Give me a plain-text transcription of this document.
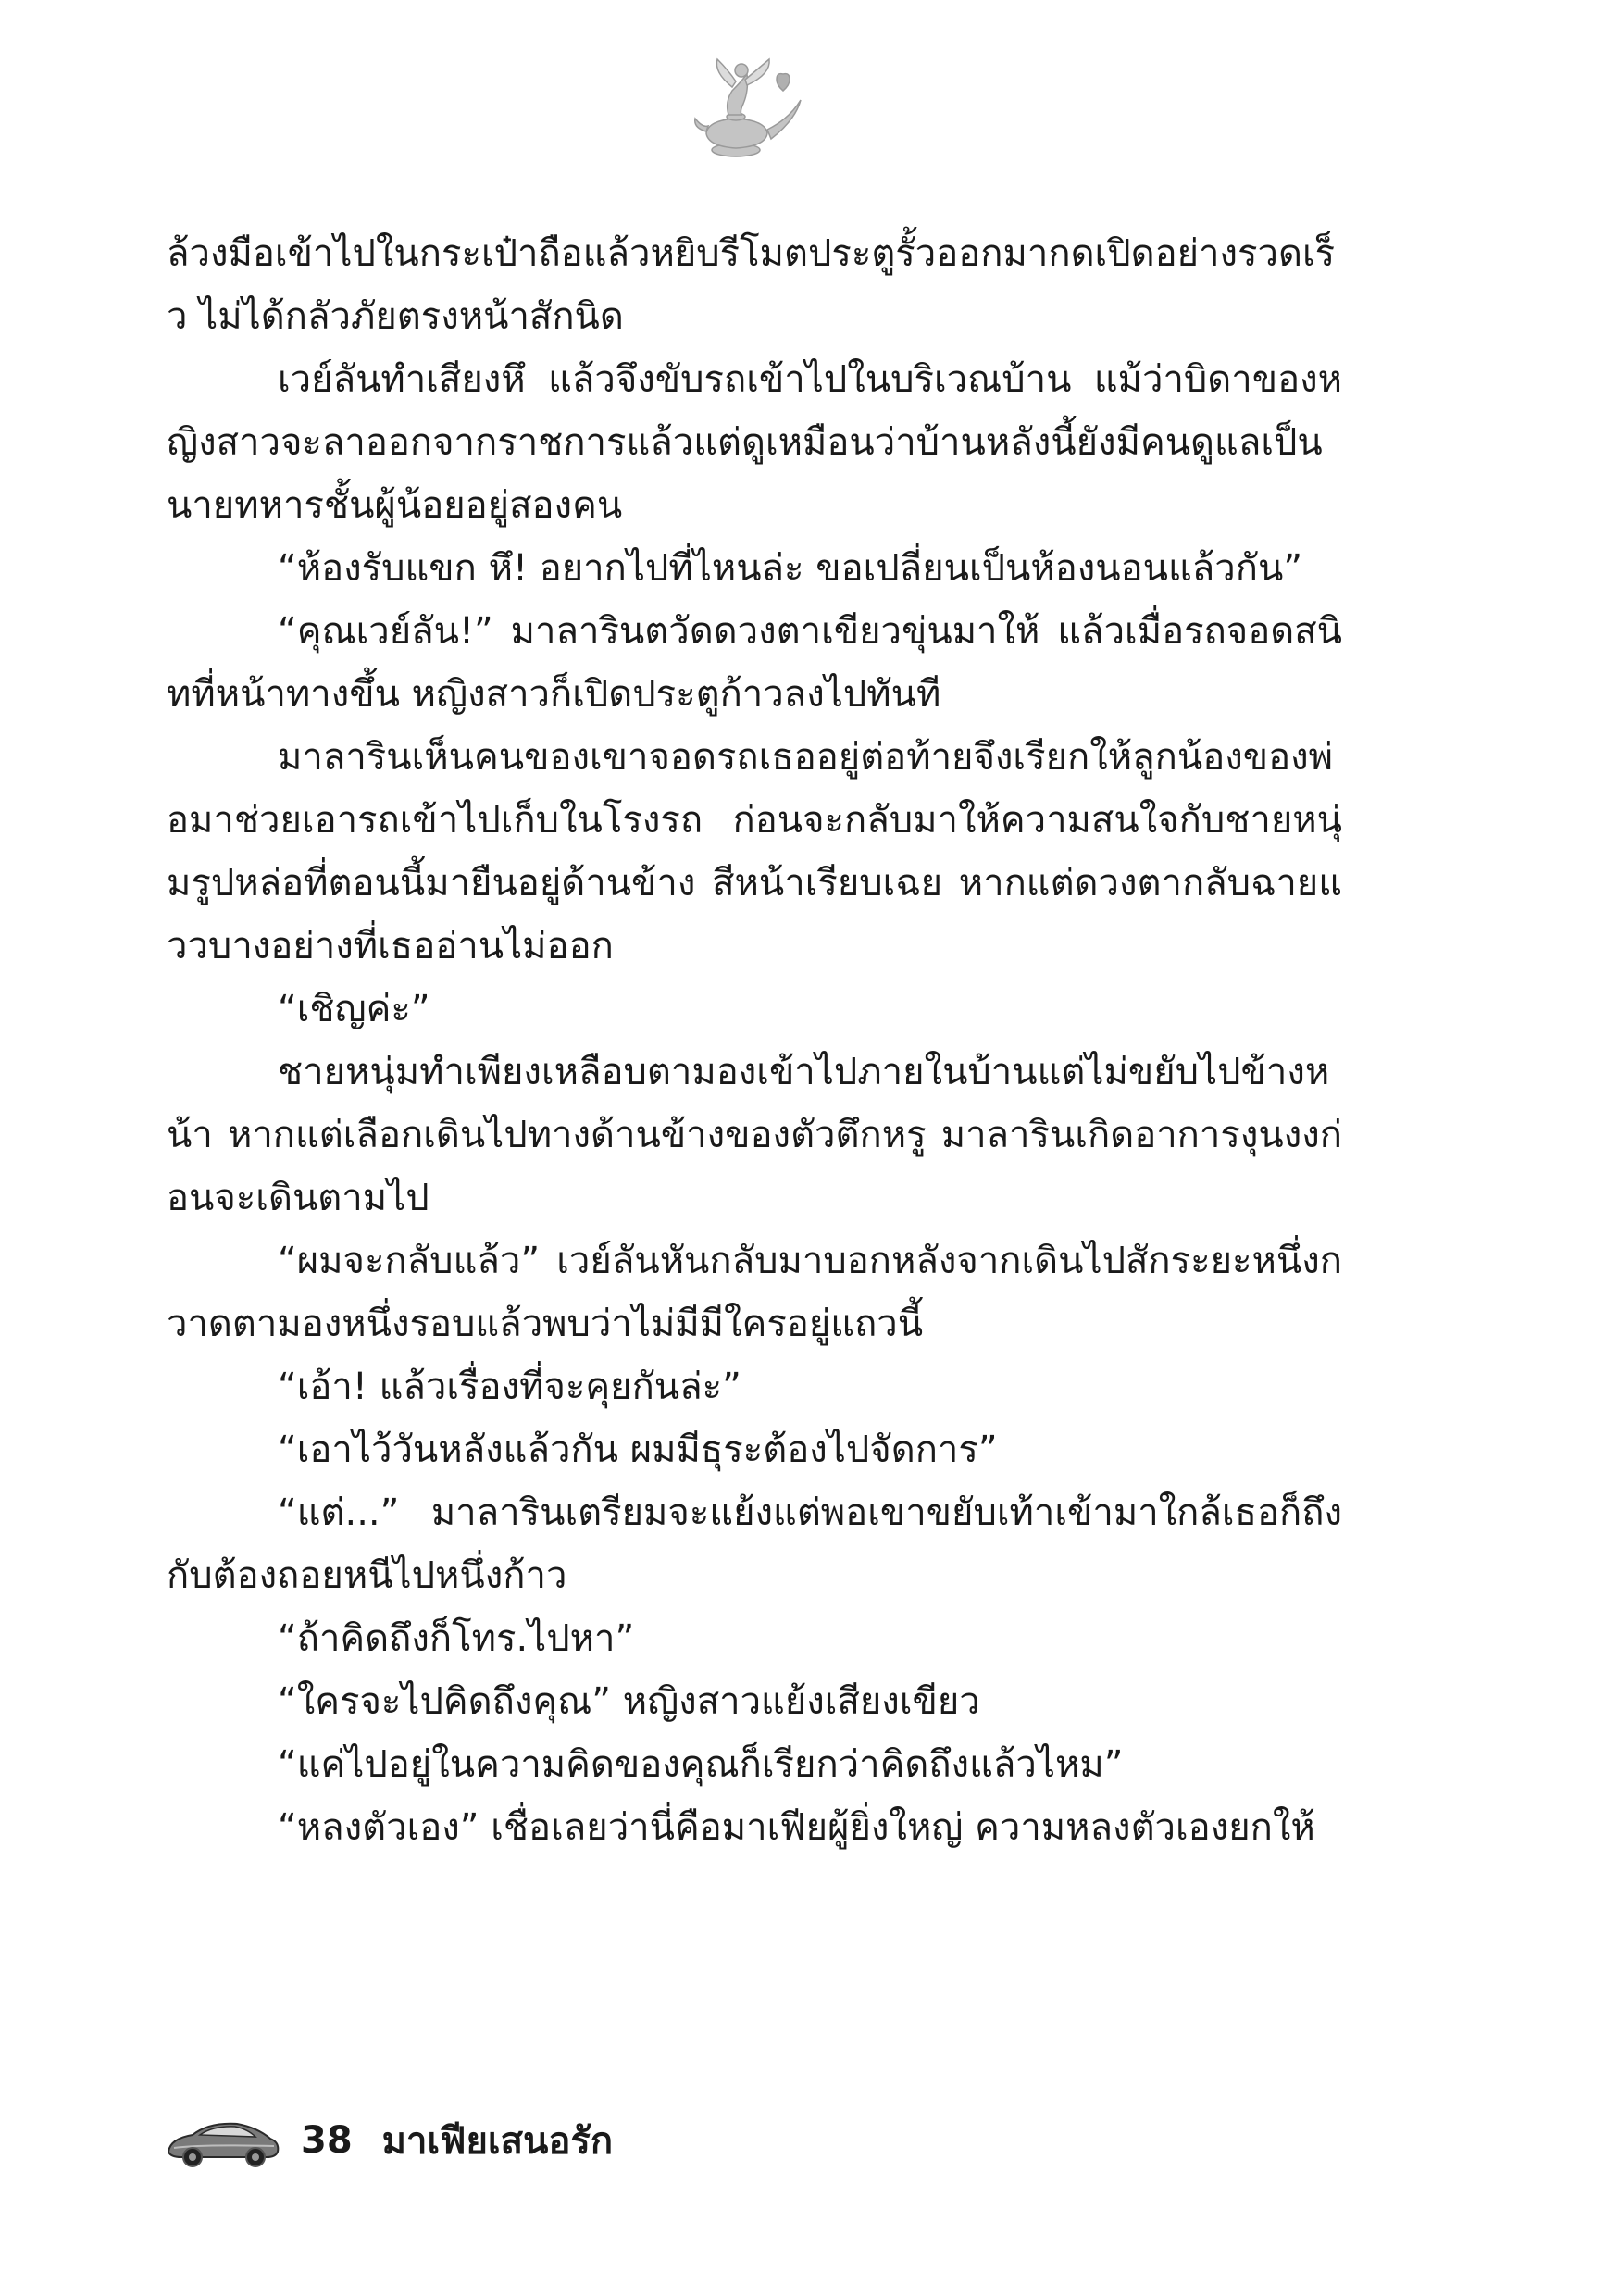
ล้วงมือเข้าไปในกระเป๋าถือแล้วหยิบรีโมตประตูรั้วออกมากดเปิดอย่างรวดเร็ว ไม่ได้กลัวภัยตรงหน้าสักนิด

เวย์ลันทำเสียงหึ แล้วจึงขับรถเข้าไปในบริเวณบ้าน แม้ว่าบิดาของหญิงสาวจะลาออกจากราชการแล้วแต่ดูเหมือนว่าบ้านหลังนี้ยังมีคนดูแลเป็นนายทหารชั้นผู้น้อยอยู่สองคน

“ห้องรับแขก หึ! อยากไปที่ไหนล่ะ ขอเปลี่ยนเป็นห้องนอนแล้วกัน”

“คุณเวย์ลัน!” มาลารินตวัดดวงตาเขียวขุ่นมาให้ แล้วเมื่อรถจอดสนิทที่หน้าทางขึ้น หญิงสาวก็เปิดประตูก้าวลงไปทันที

มาลารินเห็นคนของเขาจอดรถเธออยู่ต่อท้ายจึงเรียกให้ลูกน้องของพ่อมาช่วยเอารถเข้าไปเก็บในโรงรถ ก่อนจะกลับมาให้ความสนใจกับชายหนุ่มรูปหล่อที่ตอนนี้มายืนอยู่ด้านข้าง สีหน้าเรียบเฉย หากแต่ดวงตากลับฉายแววบางอย่างที่เธออ่านไม่ออก

“เชิญค่ะ”

ชายหนุ่มทำเพียงเหลือบตามองเข้าไปภายในบ้านแต่ไม่ขยับไปข้างหน้า หากแต่เลือกเดินไปทางด้านข้างของตัวตึกหรู มาลารินเกิดอาการงุนงงก่อนจะเดินตามไป

“ผมจะกลับแล้ว” เวย์ลันหันกลับมาบอกหลังจากเดินไปสักระยะหนึ่งกวาดตามองหนึ่งรอบแล้วพบว่าไม่มีมีใครอยู่แถวนี้

“เอ้า! แล้วเรื่องที่จะคุยกันล่ะ”

“เอาไว้วันหลังแล้วกัน ผมมีธุระต้องไปจัดการ”

“แต่...” มาลารินเตรียมจะแย้งแต่พอเขาขยับเท้าเข้ามาใกล้เธอก็ถึงกับต้องถอยหนีไปหนึ่งก้าว

“ถ้าคิดถึงก็โทร.ไปหา”

“ใครจะไปคิดถึงคุณ” หญิงสาวแย้งเสียงเขียว

“แค่ไปอยู่ในความคิดของคุณก็เรียกว่าคิดถึงแล้วไหม”

“หลงตัวเอง” เชื่อเลยว่านี่คือมาเฟียผู้ยิ่งใหญ่ ความหลงตัวเองยกให้

38 มาเฟียเสนอรัก
